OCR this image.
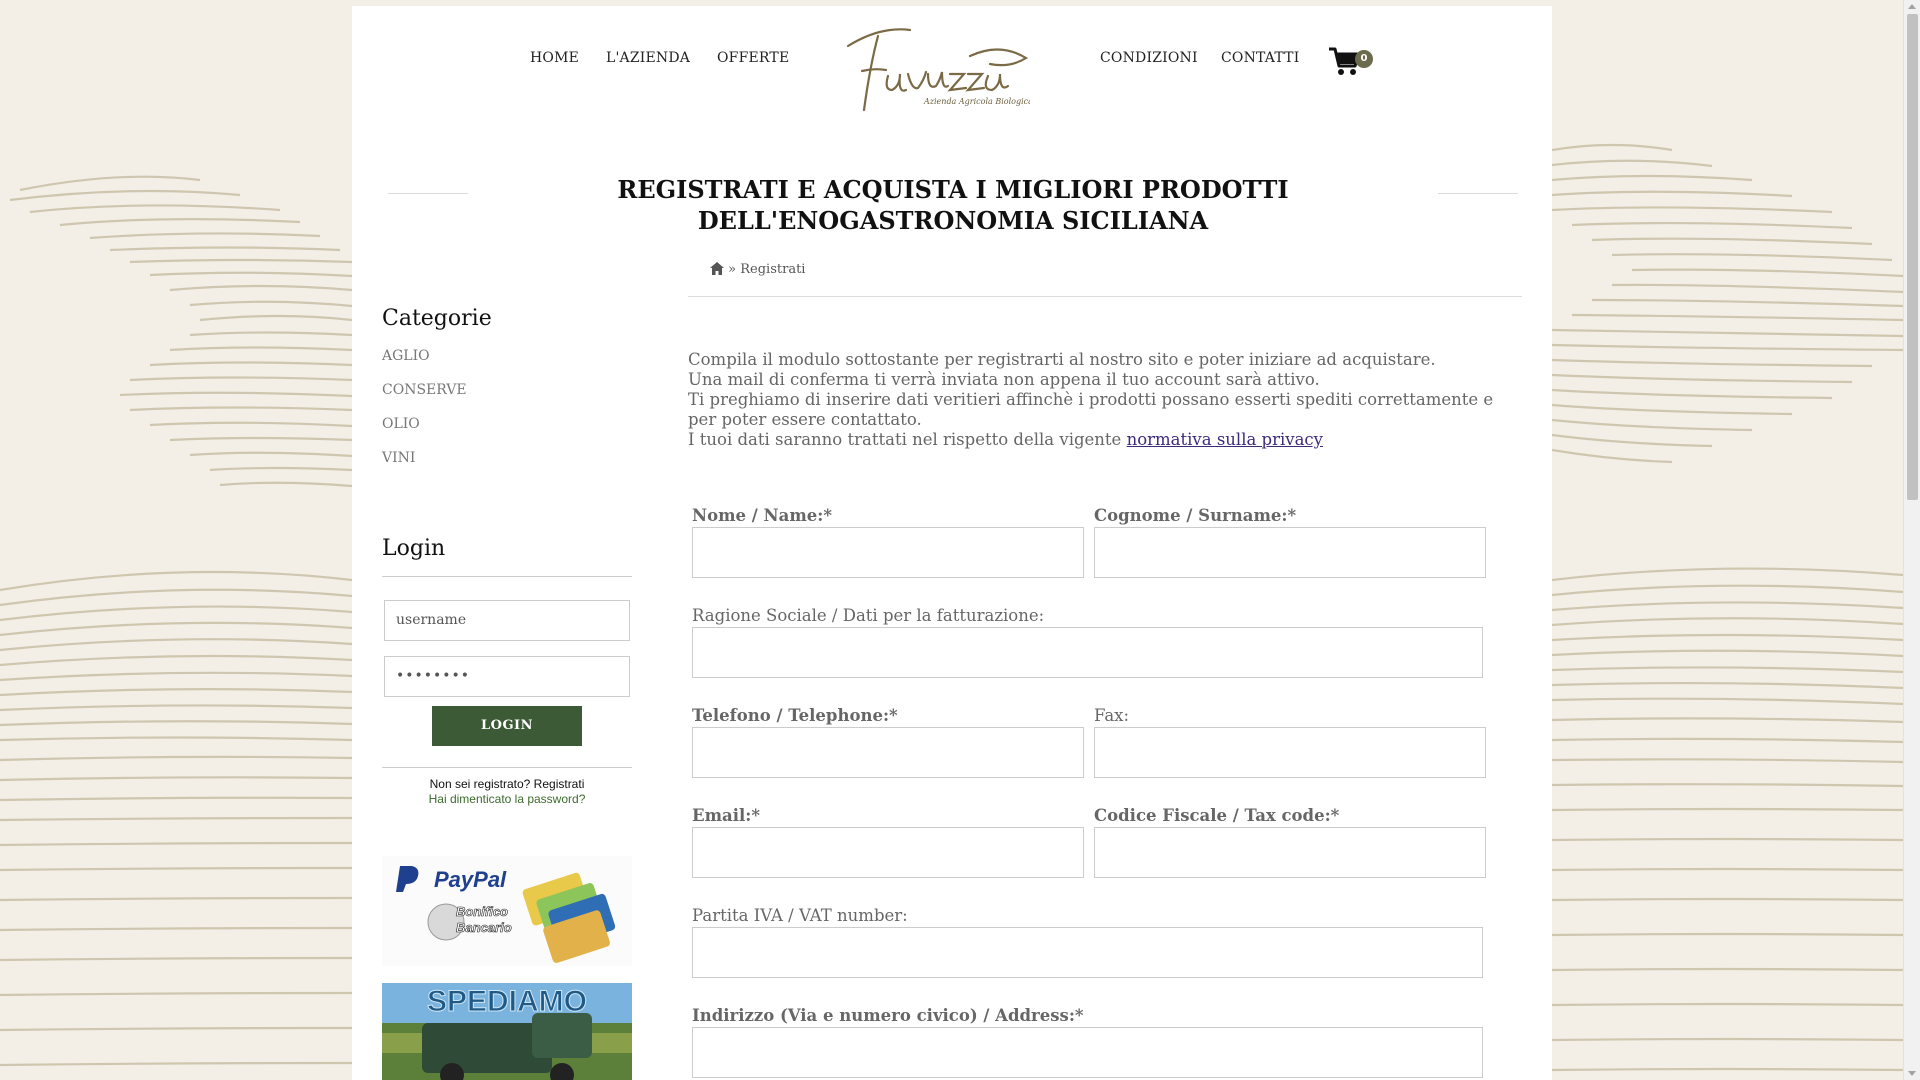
HOME L'AZIENDA OFFERTE
Azienda Agricola Biologica
CONDIZIONI CONTATTI	0
REGISTRATI E ACQUISTA I MIGLIORI PRODOTTI DELL'ENOGASTRONOMIA SICILIANA
Categorie
AGLIO
CONSERVE
OLIO
VINI
Login
username
••••••••
LOGIN
Non sei registrato? Registrati
Hai dimenticato la password?
PayPal
Bonifico
Bancario
SPEDIAMO
» Registrati
Compila il modulo sottostante per registrarti al nostro sito e poter iniziare ad acquistare.
Una mail di conferma ti verrà inviata non appena il tuo account sarà attivo.
Ti preghiamo di inserire dati veritieri affinchè i prodotti possano esserti spediti correttamente e per poter essere contattato.
I tuoi dati saranno trattati nel rispetto della vigente normativa sulla privacy
Nome / Name:*	Cognome / Surname:*
Ragione Sociale / Dati per la fatturazione:
Telefono / Telephone:*	Fax:
Email:*	Codice Fiscale / Tax code:*
Partita IVA / VAT number:
Indirizzo (Via e numero civico) / Address:*
